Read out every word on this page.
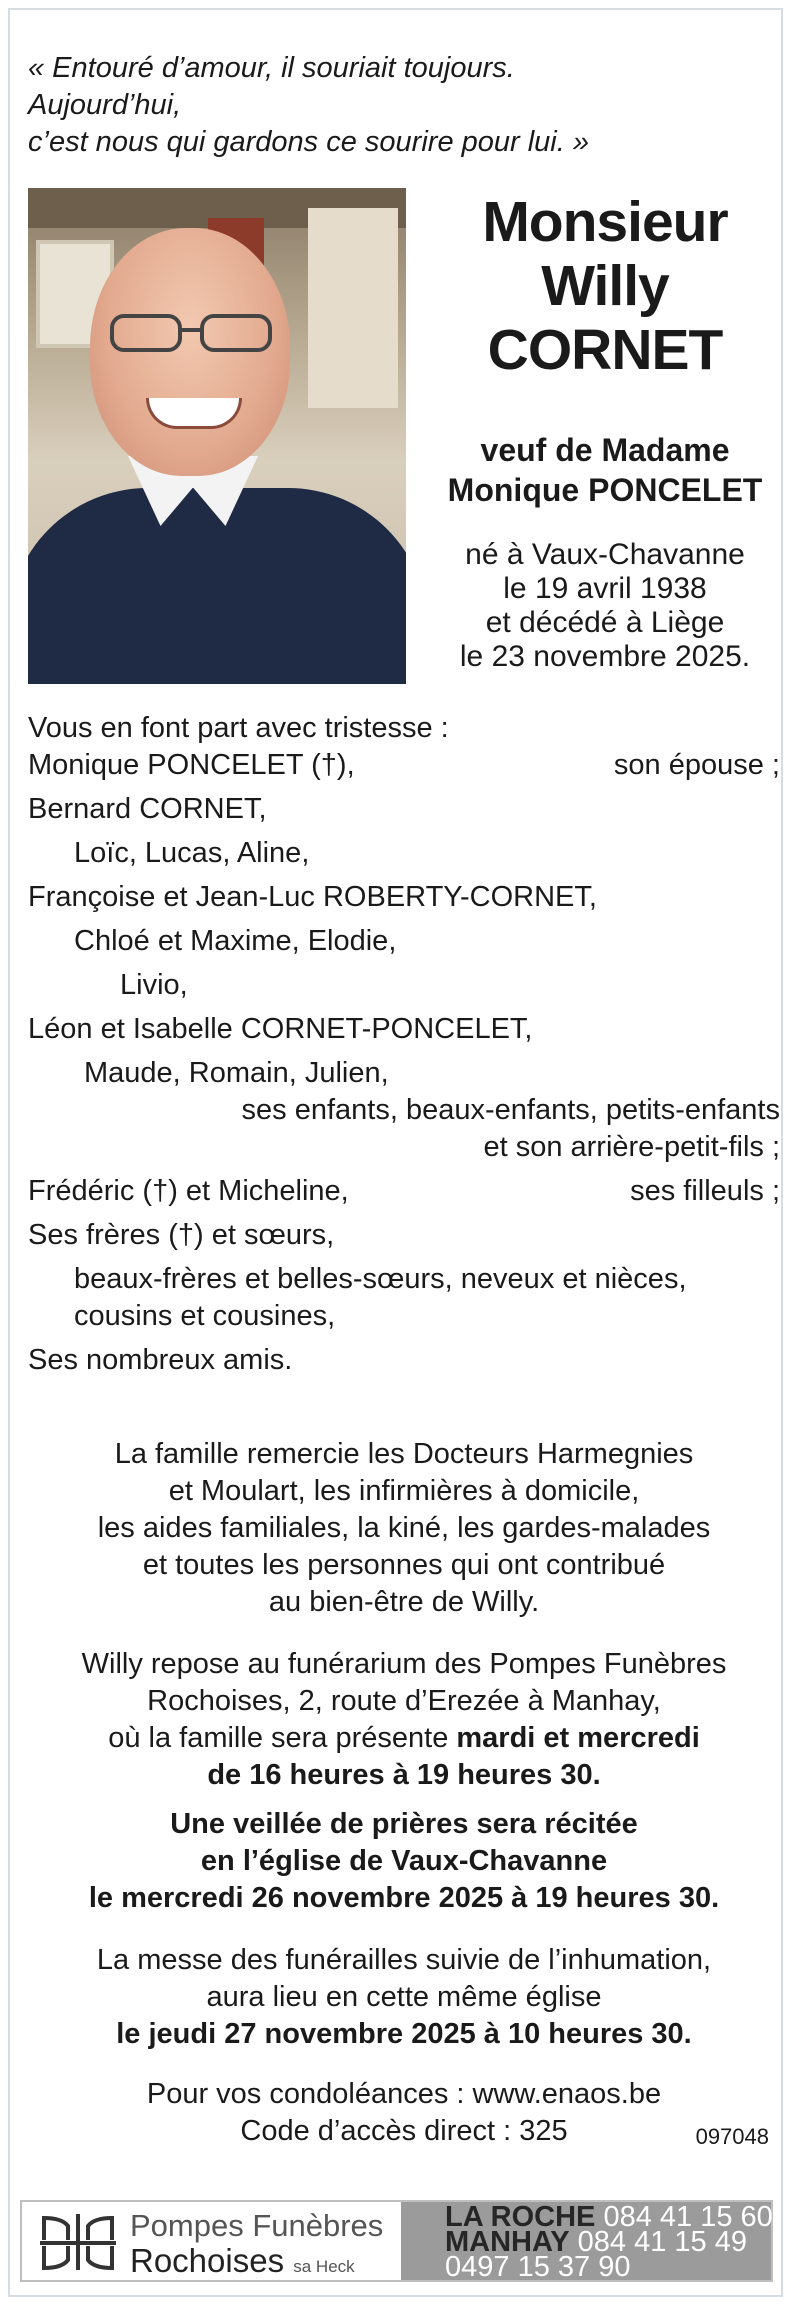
« Entouré d’amour, il souriait toujours.
Aujourd’hui,
c’est nous qui gardons ce sourire pour lui. »
Monsieur
Willy
CORNET
veuf de Madame
Monique PONCELET
né à Vaux-Chavanne
le 19 avril 1938
et décédé à Liège
le 23 novembre 2025.
Vous en font part avec tristesse :
Monique PONCELET (†),	son épouse ;
Bernard CORNET,
Loïc, Lucas, Aline,
Françoise et Jean-Luc ROBERTY-CORNET,
Chloé et Maxime, Elodie,
Livio,
Léon et Isabelle CORNET-PONCELET,
Maude, Romain, Julien,
ses enfants, beaux-enfants, petits-enfants
et son arrière-petit-fils ;
Frédéric (†) et Micheline,	ses filleuls ;
Ses frères (†) et sœurs,
beaux-frères et belles-sœurs, neveux et nièces,
cousins et cousines,
Ses nombreux amis.
La famille remercie les Docteurs Harmegnies
et Moulart, les infirmières à domicile,
les aides familiales, la kiné, les gardes-malades
et toutes les personnes qui ont contribué
au bien-être de Willy.
Willy repose au funérarium des Pompes Funèbres
Rochoises, 2, route d’Erezée à Manhay,
où la famille sera présente mardi et mercredi
de 16 heures à 19 heures 30.
Une veillée de prières sera récitée
en l’église de Vaux-Chavanne
le mercredi 26 novembre 2025 à 19 heures 30.
La messe des funérailles suivie de l’inhumation,
aura lieu en cette même église
le jeudi 27 novembre 2025 à 10 heures 30.
Pour vos condoléances : www.enaos.be
Code d’accès direct : 325	097048
Pompes Funèbres
Rochoises sa Heck
LA ROCHE 084 41 15 60
MANHAY 084 41 15 49
0497 15 37 90
